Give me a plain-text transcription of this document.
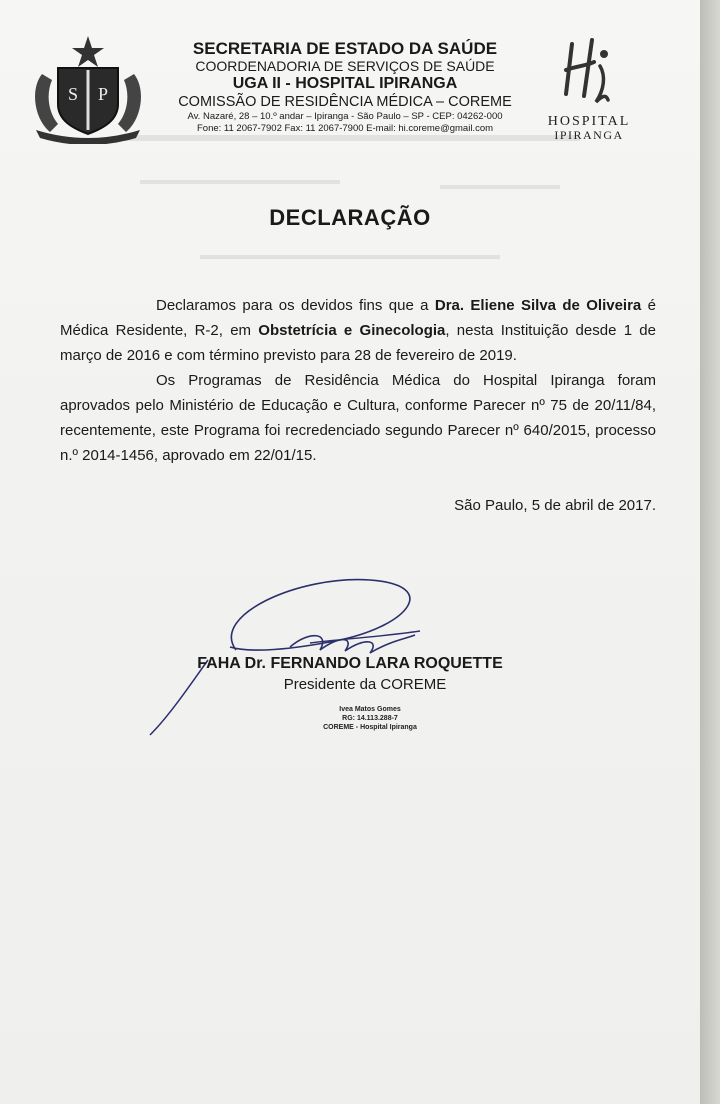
S P
SECRETARIA DE ESTADO DA SAÚDE
COORDENADORIA DE SERVIÇOS DE SAÚDE
UGA II - HOSPITAL IPIRANGA
COMISSÃO DE RESIDÊNCIA MÉDICA – COREME
Av. Nazaré, 28 – 10.º andar – Ipiranga - São Paulo – SP - CEP: 04262-000
Fone: 11 2067-7902 Fax: 11 2067-7900 E-mail: hi.coreme@gmail.com	HOSPITAL
IPIRANGA
DECLARAÇÃO

Declaramos para os devidos fins que a Dra. Eliene Silva de Oliveira é Médica Residente, R-2, em Obstetrícia e Ginecologia, nesta Instituição desde 1 de março de 2016 e com término previsto para 28 de fevereiro de 2019.

Os Programas de Residência Médica do Hospital Ipiranga foram aprovados pelo Ministério de Educação e Cultura, conforme Parecer nº 75 de 20/11/84, recentemente, este Programa foi recredenciado segundo Parecer nº 640/2015, processo n.º 2014-1456, aprovado em 22/01/15.

São Paulo, 5 de abril de 2017.
FAHA Dr. FERNANDO LARA ROQUETTE
Presidente da COREME
Ivea Matos Gomes
RG: 14.113.288-7
COREME - Hospital Ipiranga
